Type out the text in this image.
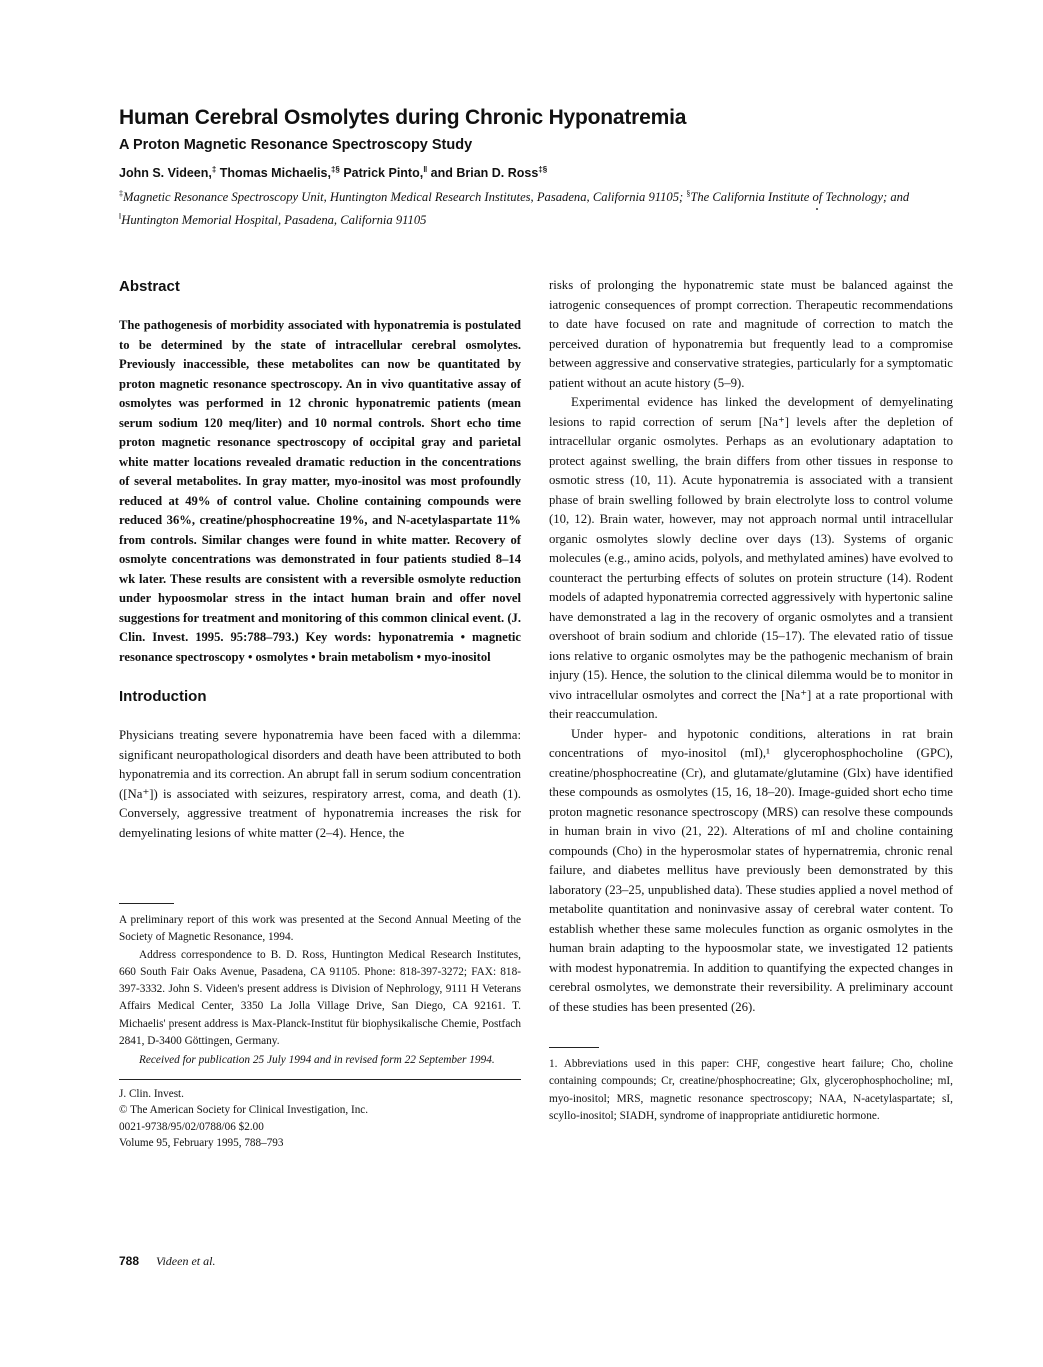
Human Cerebral Osmolytes during Chronic Hyponatremia
A Proton Magnetic Resonance Spectroscopy Study

John S. Videen,‡ Thomas Michaelis,‡§ Patrick Pinto,‖ and Brian D. Ross‡§

‡Magnetic Resonance Spectroscopy Unit, Huntington Medical Research Institutes, Pasadena, California 91105; §The California Institute of Technology; and ‖Huntington Memorial Hospital, Pasadena, California 91105

Abstract

The pathogenesis of morbidity associated with hyponatremia is postulated to be determined by the state of intracellular cerebral osmolytes. Previously inaccessible, these metabolites can now be quantitated by proton magnetic resonance spectroscopy. An in vivo quantitative assay of osmolytes was performed in 12 chronic hyponatremic patients (mean serum sodium 120 meq/liter) and 10 normal controls. Short echo time proton magnetic resonance spectroscopy of occipital gray and parietal white matter locations revealed dramatic reduction in the concentrations of several metabolites. In gray matter, myo-inositol was most profoundly reduced at 49% of control value. Choline containing compounds were reduced 36%, creatine/phosphocreatine 19%, and N-acetylaspartate 11% from controls. Similar changes were found in white matter. Recovery of osmolyte concentrations was demonstrated in four patients studied 8–14 wk later. These results are consistent with a reversible osmolyte reduction under hypoosmolar stress in the intact human brain and offer novel suggestions for treatment and monitoring of this common clinical event. (J. Clin. Invest. 1995. 95:788–793.) Key words: hyponatremia • magnetic resonance spectroscopy • osmolytes • brain metabolism • myo-inositol

Introduction

Physicians treating severe hyponatremia have been faced with a dilemma: significant neuropathological disorders and death have been attributed to both hyponatremia and its correction. An abrupt fall in serum sodium concentration ([Na⁺]) is associated with seizures, respiratory arrest, coma, and death (1). Conversely, aggressive treatment of hyponatremia increases the risk for demyelinating lesions of white matter (2–4). Hence, the

A preliminary report of this work was presented at the Second Annual Meeting of the Society of Magnetic Resonance, 1994.

Address correspondence to B. D. Ross, Huntington Medical Research Institutes, 660 South Fair Oaks Avenue, Pasadena, CA 91105. Phone: 818-397-3272; FAX: 818-397-3332. John S. Videen's present address is Division of Nephrology, 9111 H Veterans Affairs Medical Center, 3350 La Jolla Village Drive, San Diego, CA 92161. T. Michaelis' present address is Max-Planck-Institut für biophysikalische Chemie, Postfach 2841, D-3400 Göttingen, Germany.

Received for publication 25 July 1994 and in revised form 22 September 1994.

J. Clin. Invest.

© The American Society for Clinical Investigation, Inc.

0021-9738/95/02/0788/06 $2.00

Volume 95, February 1995, 788–793

risks of prolonging the hyponatremic state must be balanced against the iatrogenic consequences of prompt correction. Therapeutic recommendations to date have focused on rate and magnitude of correction to match the perceived duration of hyponatremia but frequently lead to a compromise between aggressive and conservative strategies, particularly for a symptomatic patient without an acute history (5–9).

Experimental evidence has linked the development of demyelinating lesions to rapid correction of serum [Na⁺] levels after the depletion of intracellular organic osmolytes. Perhaps as an evolutionary adaptation to protect against swelling, the brain differs from other tissues in response to osmotic stress (10, 11). Acute hyponatremia is associated with a transient phase of brain swelling followed by brain electrolyte loss to control volume (10, 12). Brain water, however, may not approach normal until intracellular organic osmolytes slowly decline over days (13). Systems of organic molecules (e.g., amino acids, polyols, and methylated amines) have evolved to counteract the perturbing effects of solutes on protein structure (14). Rodent models of adapted hyponatremia corrected aggressively with hypertonic saline have demonstrated a lag in the recovery of organic osmolytes and a transient overshoot of brain sodium and chloride (15–17). The elevated ratio of tissue ions relative to organic osmolytes may be the pathogenic mechanism of brain injury (15). Hence, the solution to the clinical dilemma would be to monitor in vivo intracellular osmolytes and correct the [Na⁺] at a rate proportional with their reaccumulation.

Under hyper- and hypotonic conditions, alterations in rat brain concentrations of myo-inositol (mI),¹ glycerophosphocholine (GPC), creatine/phosphocreatine (Cr), and glutamate/glutamine (Glx) have identified these compounds as osmolytes (15, 16, 18–20). Image-guided short echo time proton magnetic resonance spectroscopy (MRS) can resolve these compounds in human brain in vivo (21, 22). Alterations of mI and choline containing compounds (Cho) in the hyperosmolar states of hypernatremia, chronic renal failure, and diabetes mellitus have previously been demonstrated by this laboratory (23–25, unpublished data). These studies applied a novel method of metabolite quantitation and noninvasive assay of cerebral water content. To establish whether these same molecules function as organic osmolytes in the human brain adapting to the hypoosmolar state, we investigated 12 patients with modest hyponatremia. In addition to quantifying the expected changes in cerebral osmolytes, we demonstrate their reversibility. A preliminary account of these studies has been presented (26).

1. Abbreviations used in this paper: CHF, congestive heart failure; Cho, choline containing compounds; Cr, creatine/phosphocreatine; Glx, glycerophosphocholine; mI, myo-inositol; MRS, magnetic resonance spectroscopy; NAA, N-acetylaspartate; sI, scyllo-inositol; SIADH, syndrome of inappropriate antidiuretic hormone.

788 Videen et al.
